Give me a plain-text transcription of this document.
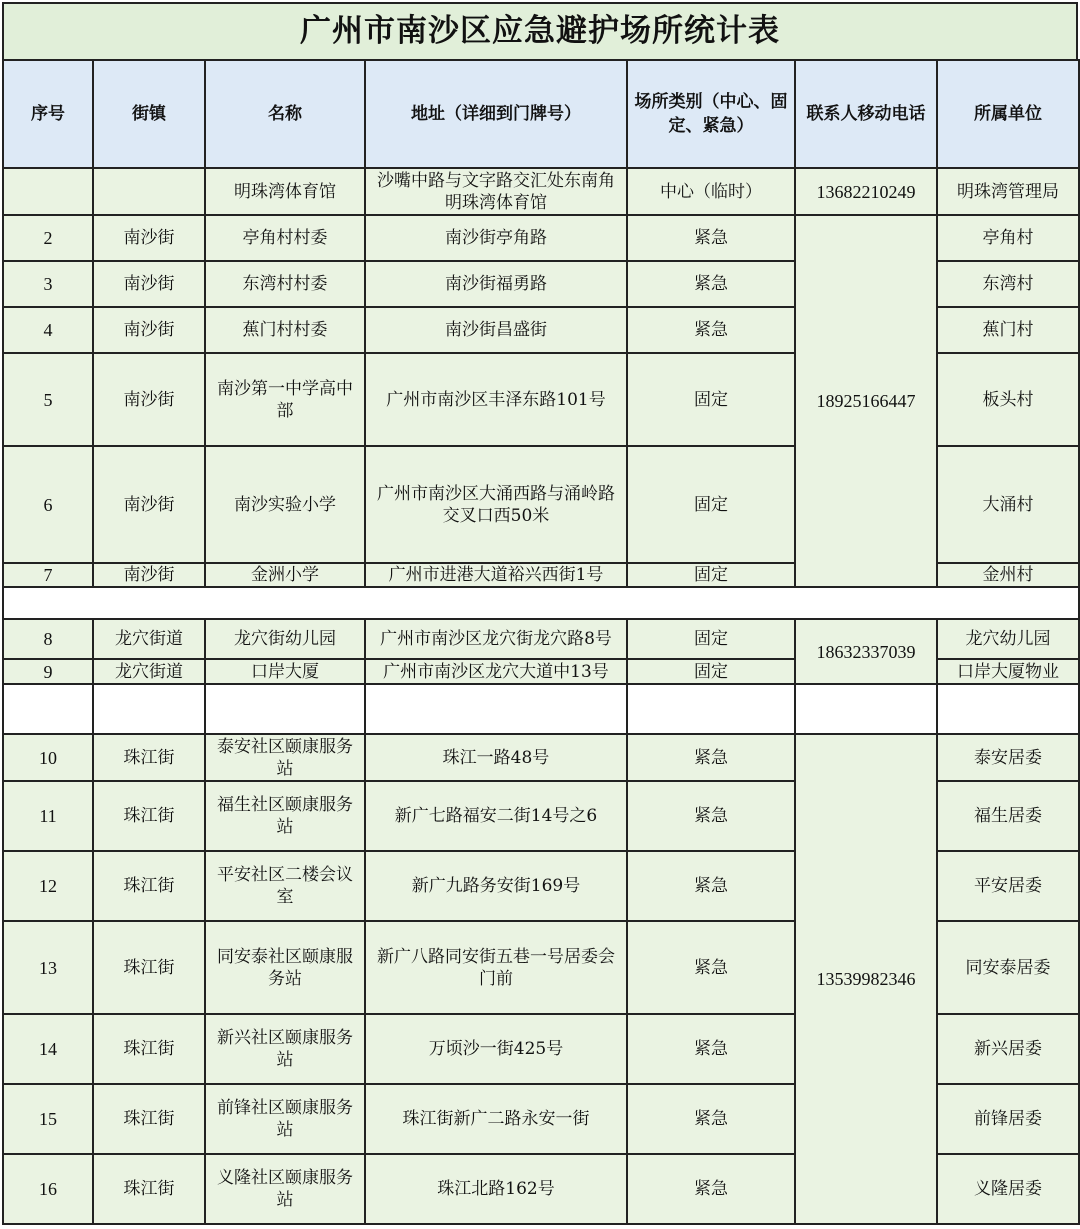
广州市南沙区应急避护场所统计表
序号	街镇	名称	地址（详细到门牌号）	场所类别（中心、固定、紧急）	联系人移动电话	所属单位
		明珠湾体育馆	沙嘴中路与文字路交汇处东南角明珠湾体育馆	中心（临时）	13682210249	明珠湾管理局
2	南沙街	亭角村村委	南沙街亭角路	紧急	18925166447	亭角村
3	南沙街	东湾村村委	南沙街福勇路	紧急		东湾村
4	南沙街	蕉门村村委	南沙街昌盛街	紧急		蕉门村
5	南沙街	南沙第一中学高中部	广州市南沙区丰泽东路101号	固定		板头村
6	南沙街	南沙实验小学	广州市南沙区大涌西路与涌岭路交叉口西50米	固定		大涌村
7	南沙街	金洲小学	广州市进港大道裕兴西街1号	固定		金州村

8	龙穴街道	龙穴街幼儿园	广州市南沙区龙穴街龙穴路8号	固定	18632337039	龙穴幼儿园
9	龙穴街道	口岸大厦	广州市南沙区龙穴大道中13号	固定		口岸大厦物业

10	珠江街	泰安社区颐康服务站	珠江一路48号	紧急	13539982346	泰安居委
11	珠江街	福生社区颐康服务站	新广七路福安二街14号之6	紧急		福生居委
12	珠江街	平安社区二楼会议室	新广九路务安街169号	紧急		平安居委
13	珠江街	同安泰社区颐康服务站	新广八路同安街五巷一号居委会门前	紧急		同安泰居委
14	珠江街	新兴社区颐康服务站	万顷沙一街425号	紧急		新兴居委
15	珠江街	前锋社区颐康服务站	珠江街新广二路永安一街	紧急		前锋居委
16	珠江街	义隆社区颐康服务站	珠江北路162号	紧急		义隆居委
